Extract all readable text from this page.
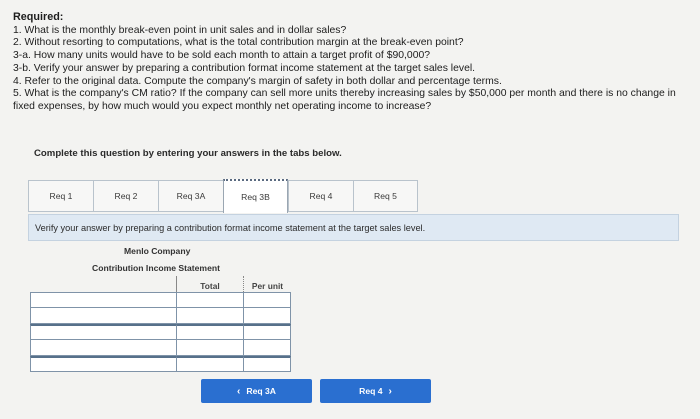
Required:
1. What is the monthly break-even point in unit sales and in dollar sales?
2. Without resorting to computations, what is the total contribution margin at the break-even point?
3-a. How many units would have to be sold each month to attain a target profit of $90,000?
3-b. Verify your answer by preparing a contribution format income statement at the target sales level.
4. Refer to the original data. Compute the company's margin of safety in both dollar and percentage terms.
5. What is the company's CM ratio? If the company can sell more units thereby increasing sales by $50,000 per month and there is no change in fixed expenses, by how much would you expect monthly net operating income to increase?
Complete this question by entering your answers in the tabs below.
Req 1	Req 2	Req 3A	Req 3B	Req 4	Req 5
Verify your answer by preparing a contribution format income statement at the target sales level.
Menlo Company
Contribution Income Statement
Total	Per unit
‹ Req 3A	Req 4 ›
